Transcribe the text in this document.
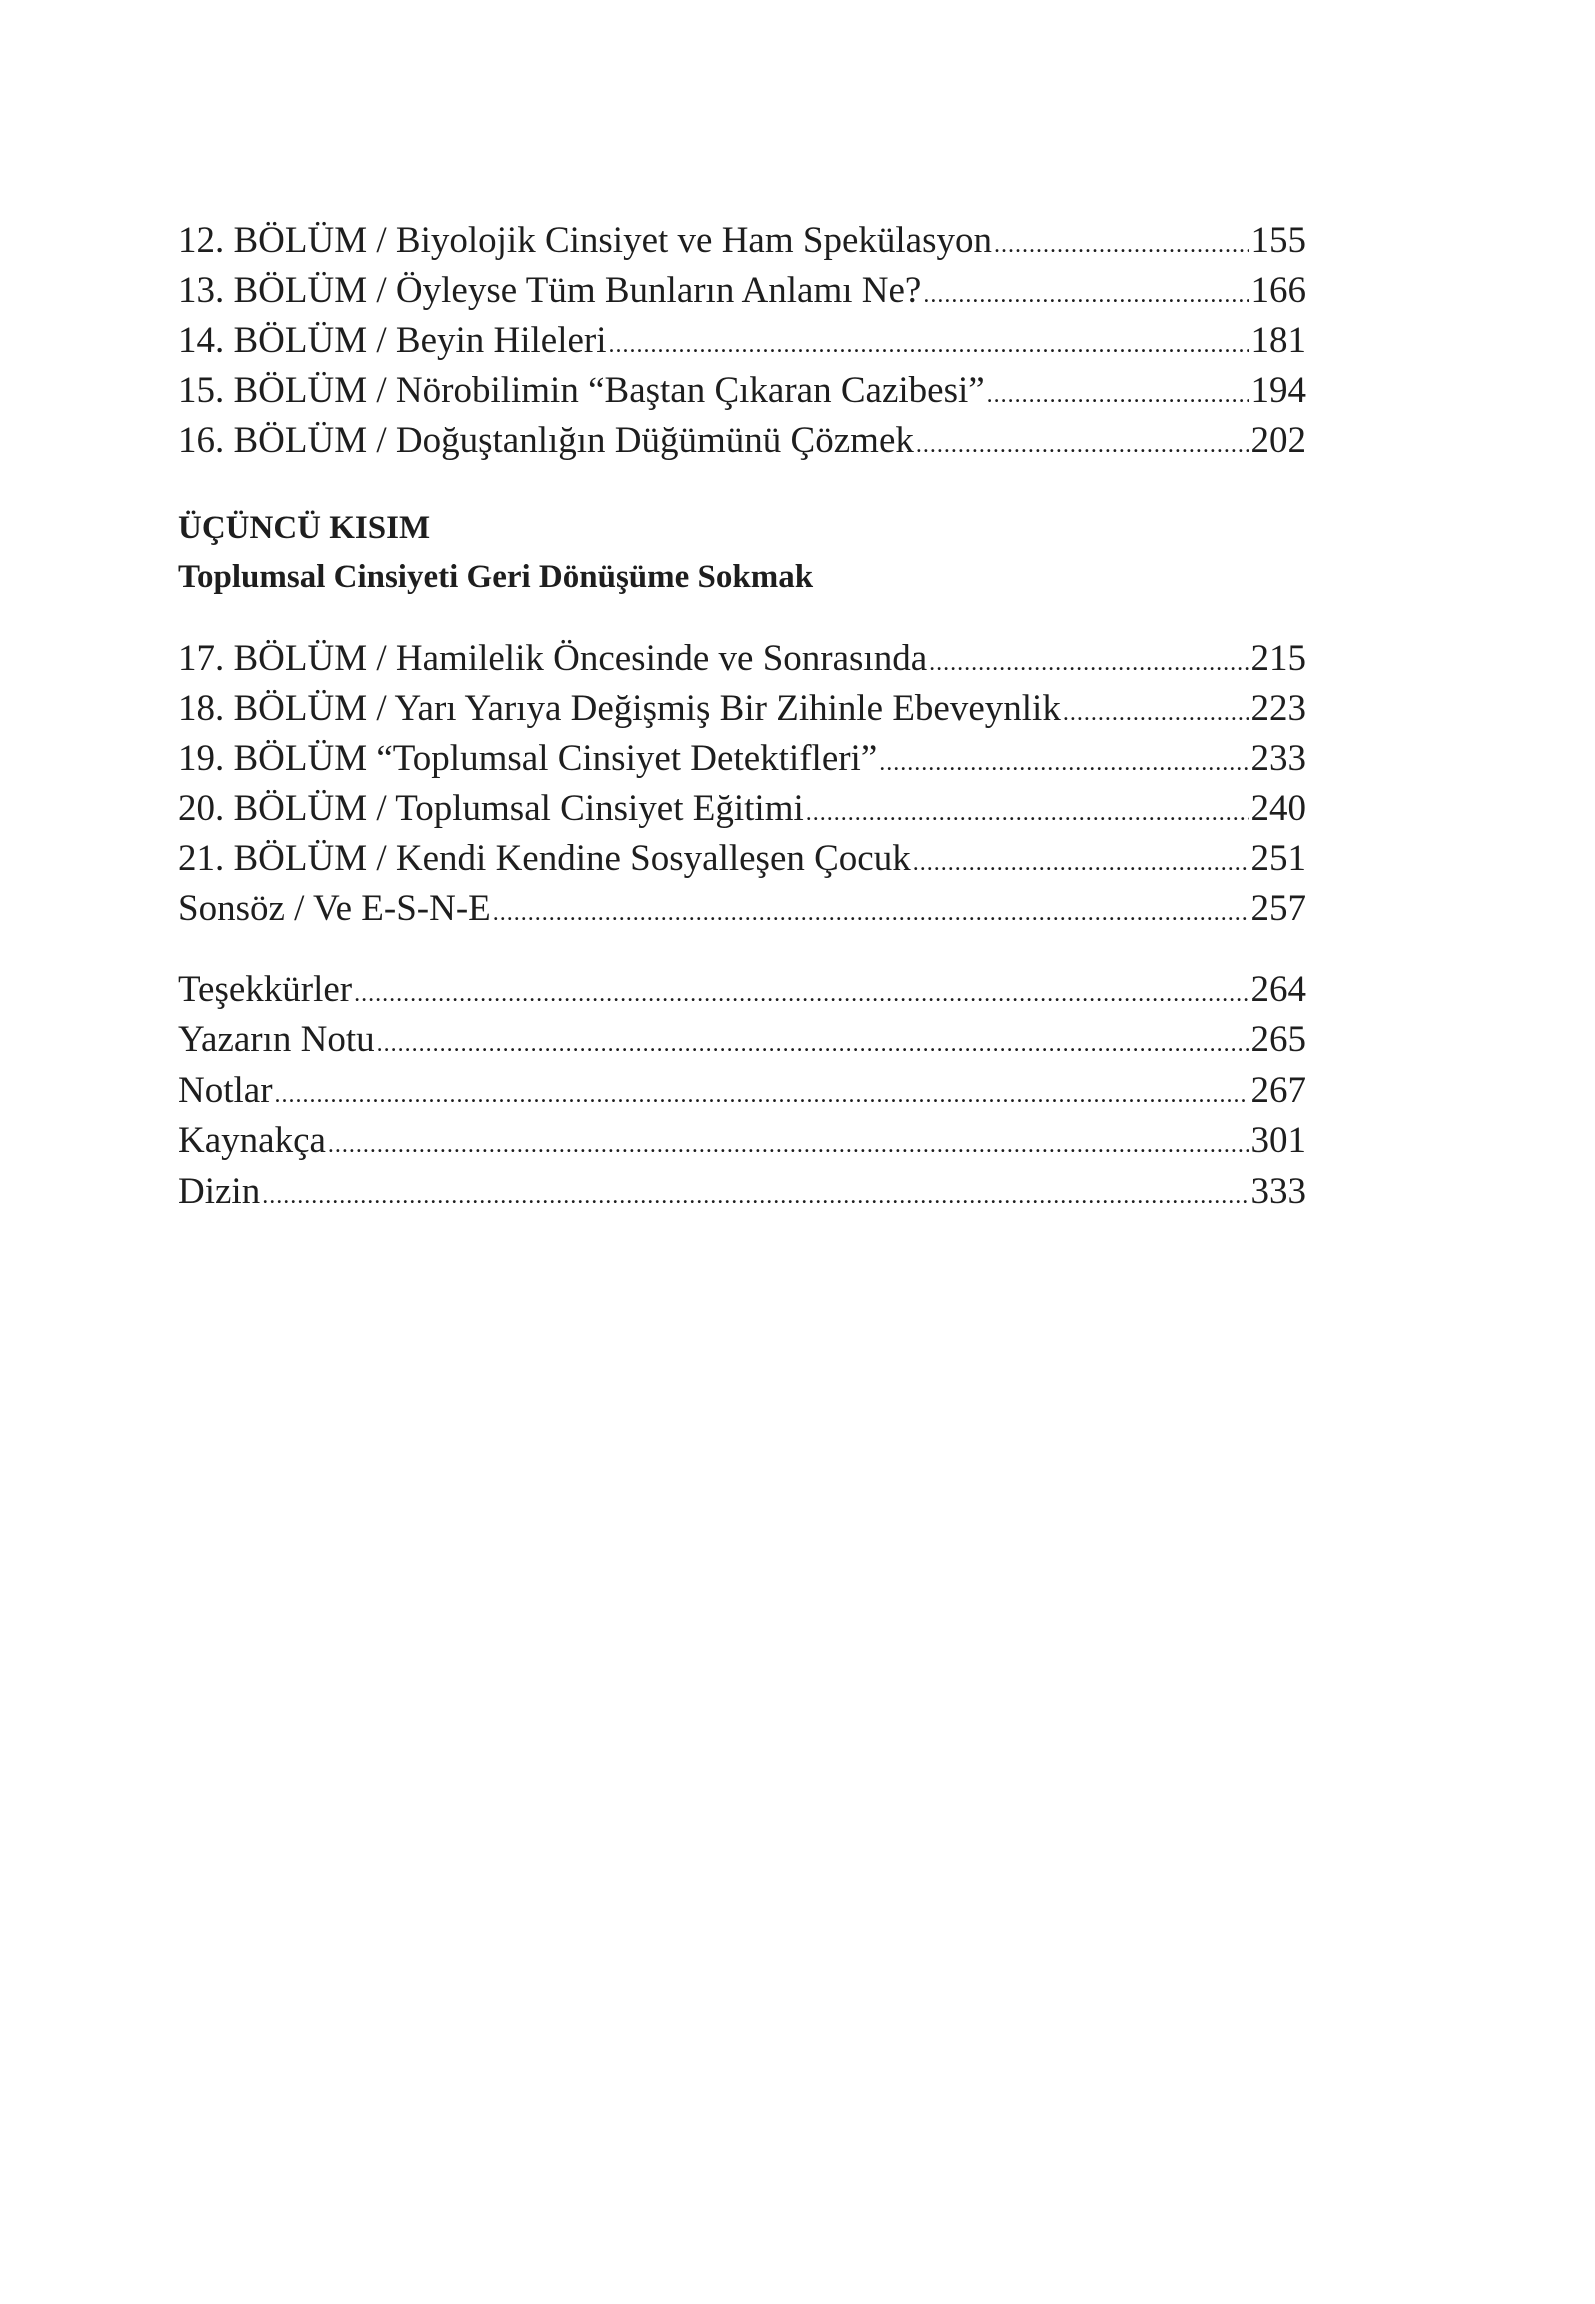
12. BÖLÜM / Biyolojik Cinsiyet ve Ham Spekülasyon .....	155
13. BÖLÜM / Öyleyse Tüm Bunların Anlamı Ne? .....	166
14. BÖLÜM / Beyin Hileleri .....	181
15. BÖLÜM / Nörobilimin “Baştan Çıkaran Cazibesi” .....	194
16. BÖLÜM / Doğuştanlığın Düğümünü Çözmek .....	202
ÜÇÜNCÜ KISIM
Toplumsal Cinsiyeti Geri Dönüşüme Sokmak
17. BÖLÜM / Hamilelik Öncesinde ve Sonrasında .....	215
18. BÖLÜM / Yarı Yarıya Değişmiş Bir Zihinle Ebeveynlik .....	223
19. BÖLÜM “Toplumsal Cinsiyet Detektifleri” .....	233
20. BÖLÜM / Toplumsal Cinsiyet Eğitimi .....	240
21. BÖLÜM / Kendi Kendine Sosyalleşen Çocuk .....	251
Sonsöz / Ve E-S-N-E .....	257
Teşekkürler .....	264
Yazarın Notu .....	265
Notlar .....	267
Kaynakça .....	301
Dizin .....	333
